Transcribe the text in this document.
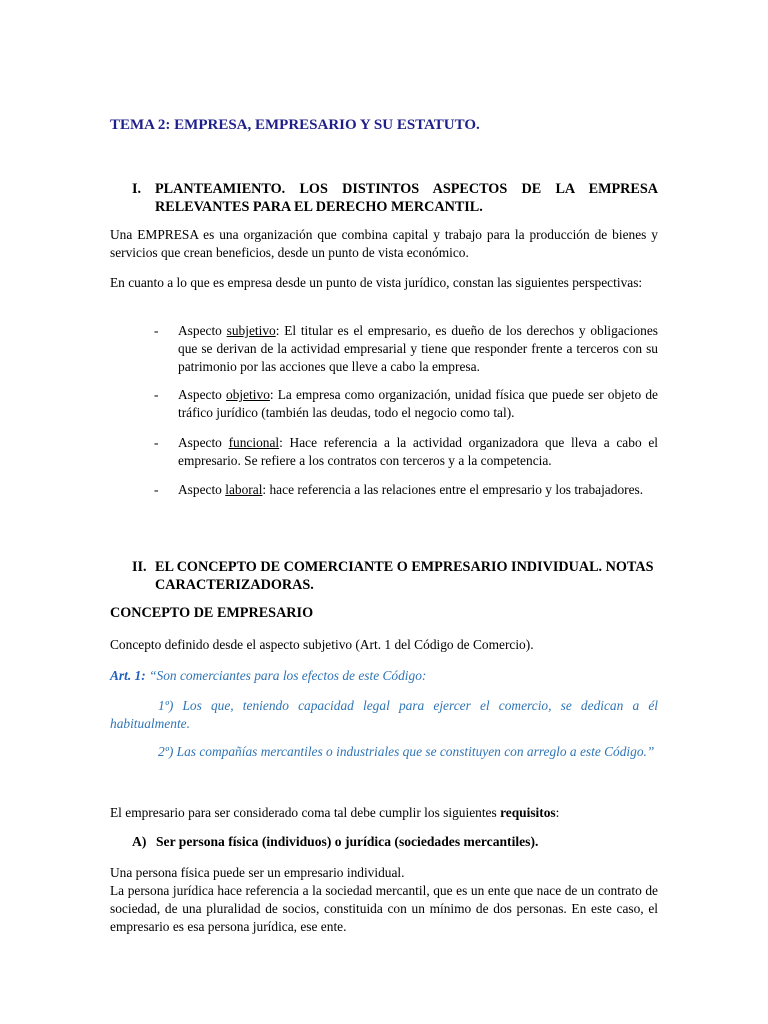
TEMA 2: EMPRESA, EMPRESARIO Y SU ESTATUTO.
I. PLANTEAMIENTO. LOS DISTINTOS ASPECTOS DE LA EMPRESA RELEVANTES PARA EL DERECHO MERCANTIL.
Una EMPRESA es una organización que combina capital y trabajo para la producción de bienes y servicios que crean beneficios, desde un punto de vista económico.
En cuanto a lo que es empresa desde un punto de vista jurídico, constan las siguientes perspectivas:
- Aspecto subjetivo: El titular es el empresario, es dueño de los derechos y obligaciones que se derivan de la actividad empresarial y tiene que responder frente a terceros con su patrimonio por las acciones que lleve a cabo la empresa.
- Aspecto objetivo: La empresa como organización, unidad física que puede ser objeto de tráfico jurídico (también las deudas, todo el negocio como tal).
- Aspecto funcional: Hace referencia a la actividad organizadora que lleva a cabo el empresario. Se refiere a los contratos con terceros y a la competencia.
- Aspecto laboral: hace referencia a las relaciones entre el empresario y los trabajadores.
II. EL CONCEPTO DE COMERCIANTE O EMPRESARIO INDIVIDUAL. NOTAS CARACTERIZADORAS.
CONCEPTO DE EMPRESARIO
Concepto definido desde el aspecto subjetivo (Art. 1 del Código de Comercio).
Art. 1: “Son comerciantes para los efectos de este Código:
1º) Los que, teniendo capacidad legal para ejercer el comercio, se dedican a él habitualmente.
2º) Las compañías mercantiles o industriales que se constituyen con arreglo a este Código.”
El empresario para ser considerado coma tal debe cumplir los siguientes requisitos:
A) Ser persona física (individuos) o jurídica (sociedades mercantiles).
Una persona física puede ser un empresario individual.
La persona jurídica hace referencia a la sociedad mercantil, que es un ente que nace de un contrato de sociedad, de una pluralidad de socios, constituida con un mínimo de dos personas. En este caso, el empresario es esa persona jurídica, ese ente.
